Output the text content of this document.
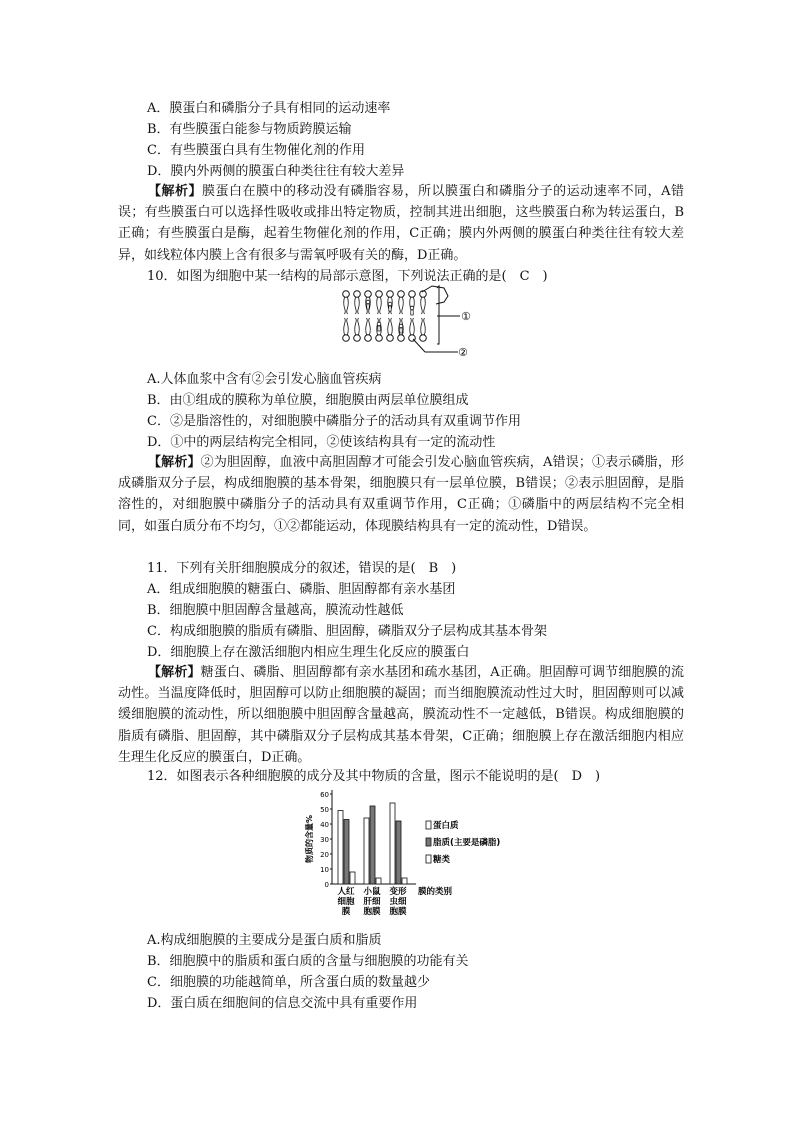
A．膜蛋白和磷脂分子具有相同的运动速率
B．有些膜蛋白能参与物质跨膜运输
C．有些膜蛋白具有生物催化剂的作用
D．膜内外两侧的膜蛋白种类往往有较大差异
【解析】膜蛋白在膜中的移动没有磷脂容易，所以膜蛋白和磷脂分子的运动速率不同，A错误；有些膜蛋白可以选择性吸收或排出特定物质，控制其进出细胞，这些膜蛋白称为转运蛋白，B正确；有些膜蛋白是酶，起着生物催化剂的作用，C正确；膜内外两侧的膜蛋白种类往往有较大差异，如线粒体内膜上含有很多与需氧呼吸有关的酶，D正确。
10．如图为细胞中某一结构的局部示意图，下列说法正确的是(　C　)
①
②
A.人体血浆中含有②会引发心脑血管疾病
B．由①组成的膜称为单位膜，细胞膜由两层单位膜组成
C．②是脂溶性的，对细胞膜中磷脂分子的活动具有双重调节作用
D．①中的两层结构完全相同，②使该结构具有一定的流动性
【解析】②为胆固醇，血液中高胆固醇才可能会引发心脑血管疾病，A错误；①表示磷脂，形成磷脂双分子层，构成细胞膜的基本骨架，细胞膜只有一层单位膜，B错误；②表示胆固醇，是脂溶性的，对细胞膜中磷脂分子的活动具有双重调节作用，C正确；①磷脂中的两层结构不完全相同，如蛋白质分布不均匀，①②都能运动，体现膜结构具有一定的流动性，D错误。
11．下列有关肝细胞膜成分的叙述，错误的是(　B　)
A．组成细胞膜的糖蛋白、磷脂、胆固醇都有亲水基团
B．细胞膜中胆固醇含量越高，膜流动性越低
C．构成细胞膜的脂质有磷脂、胆固醇，磷脂双分子层构成其基本骨架
D．细胞膜上存在激活细胞内相应生理生化反应的膜蛋白
【解析】糖蛋白、磷脂、胆固醇都有亲水基团和疏水基团，A正确。胆固醇可调节细胞膜的流动性。当温度降低时，胆固醇可以防止细胞膜的凝固；而当细胞膜流动性过大时，胆固醇则可以减缓细胞膜的流动性，所以细胞膜中胆固醇含量越高，膜流动性不一定越低，B错误。构成细胞膜的脂质有磷脂、胆固醇，其中磷脂双分子层构成其基本骨架，C正确；细胞膜上存在激活细胞内相应生理生化反应的膜蛋白，D正确。
12．如图表示各种细胞膜的成分及其中物质的含量，图示不能说明的是(　D　)
0
10
20
30
40
50
60
物质的含量%
人红
细胞
膜
小鼠
肝细
胞膜
变形
虫细
胞膜
膜的类别
蛋白质
脂质(主要是磷脂)
糖类
A.构成细胞膜的主要成分是蛋白质和脂质
B．细胞膜中的脂质和蛋白质的含量与细胞膜的功能有关
C．细胞膜的功能越简单，所含蛋白质的数量越少
D．蛋白质在细胞间的信息交流中具有重要作用
